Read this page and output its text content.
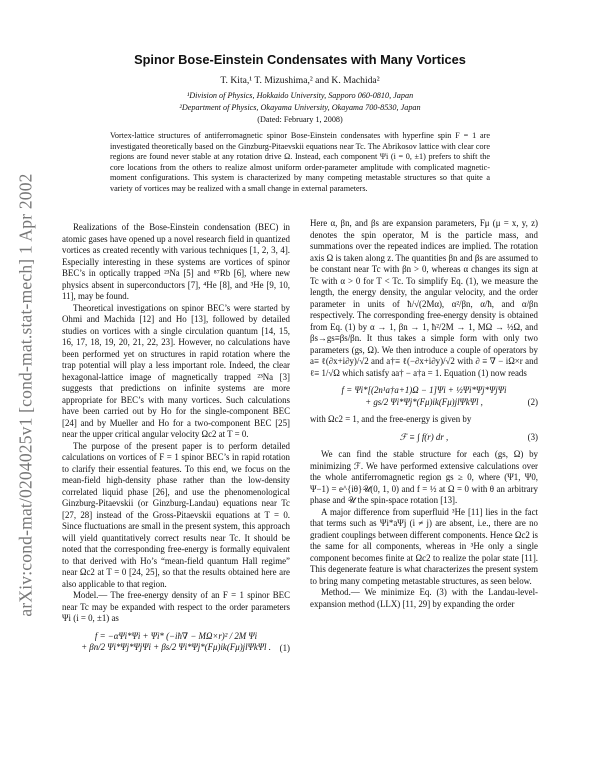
arXiv:cond-mat/0204025v1 [cond-mat.stat-mech] 1 Apr 2002
Spinor Bose-Einstein Condensates with Many Vortices
T. Kita,¹ T. Mizushima,² and K. Machida²
¹Division of Physics, Hokkaido University, Sapporo 060-0810, Japan
²Department of Physics, Okayama University, Okayama 700-8530, Japan
(Dated: February 1, 2008)
Vortex-lattice structures of antiferromagnetic spinor Bose-Einstein condensates with hyperfine spin F = 1 are investigated theoretically based on the Ginzburg-Pitaevskii equations near Tc. The Abrikosov lattice with clear core regions are found never stable at any rotation drive Ω. Instead, each component Ψi (i = 0, ±1) prefers to shift the core locations from the others to realize almost uniform order-parameter amplitude with complicated magnetic-moment configurations. This system is characterized by many competing metastable structures so that quite a variety of vortices may be realized with a small change in external parameters.

Realizations of the Bose-Einstein condensation (BEC) in atomic gases have opened up a novel research field in quantized vortices as created recently with various techniques [1, 2, 3, 4]. Especially interesting in these systems are vortices of spinor BEC’s in optically trapped ²³Na [5] and ⁸⁷Rb [6], where new physics absent in superconductors [7], ⁴He [8], and ³He [9, 10, 11], may be found.

Theoretical investigations on spinor BEC’s were started by Ohmi and Machida [12] and Ho [13], followed by detailed studies on vortices with a single circulation quantum [14, 15, 16, 17, 18, 19, 20, 21, 22, 23]. However, no calculations have been performed yet on structures in rapid rotation where the trap potential will play a less important role. Indeed, the clear hexagonal-lattice image of magnetically trapped ²³Na [3] suggests that predictions on infinite systems are more appropriate for BEC’s with many vortices. Such calculations have been carried out by Ho for the single-component BEC [24] and by Mueller and Ho for a two-component BEC [25] near the upper critical angular velocity Ωc2 at T = 0.

The purpose of the present paper is to perform detailed calculations on vortices of F = 1 spinor BEC’s in rapid rotation to clarify their essential features. To this end, we focus on the mean-field high-density phase rather than the low-density correlated liquid phase [26], and use the phenomenological Ginzburg-Pitaevskii (or Ginzburg-Landau) equations near Tc [27, 28] instead of the Gross-Pitaevskii equations at T = 0. Since fluctuations are small in the present system, this approach will yield quantitatively correct results near Tc. It should be noted that the corresponding free-energy is formally equivalent to that derived with Ho’s “mean-field quantum Hall regime” near Ωc2 at T = 0 [24, 25], so that the results obtained here are also applicable to that region.

Model.— The free-energy density of an F = 1 spinor BEC near Tc may be expanded with respect to the order parameters Ψi (i = 0, ±1) as

f = −αΨi*Ψi + Ψi* (−iħ∇ − MΩ×r)² / 2M Ψi
+ βn/2 Ψi*Ψj*ΨjΨi + βs/2 Ψi*Ψj*(Fμ)ik(Fμ)jlΨkΨl . (1)

Here α, βn, and βs are expansion parameters, Fμ (μ = x, y, z) denotes the spin operator, M is the particle mass, and summations over the repeated indices are implied. The rotation axis Ω is taken along z. The quantities βn and βs are assumed to be constant near Tc with βn > 0, whereas α changes its sign at Tc with α > 0 for T < Tc. To simplify Eq. (1), we measure the length, the energy density, the angular velocity, and the order parameter in units of ħ/√(2Mα), α²/βn, α/ħ, and α/βn respectively. The corresponding free-energy density is obtained from Eq. (1) by α → 1, βn → 1, ħ²/2M → 1, MΩ → ½Ω, and βs→gs≡βs/βn. It thus takes a simple form with only two parameters (gs, Ω). We then introduce a couple of operators by a≡ ℓ(∂x+i∂y)/√2 and a†≡ ℓ(−∂x+i∂y)/√2 with ∂ ≡ ∇ − iΩ×r and ℓ≡ 1/√Ω which satisfy aa† − a†a = 1. Equation (1) now reads

f = Ψi*[(2n¹a†a+1)Ω − 1]Ψi + ½Ψi*Ψj*ΨjΨi
+ gs/2 Ψi*Ψj*(Fμ)ik(Fμ)jlΨkΨl ,	(2)

with Ωc2 = 1, and the free-energy is given by

ℱ ≡ ∫ f(r) dr ,	(3)

We can find the stable structure for each (gs, Ω) by minimizing ℱ. We have performed extensive calculations over the whole antiferromagnetic region gs ≥ 0, where (Ψ1, Ψ0, Ψ−1) = e^{iθ}𝒰(0, 1, 0) and f = ½ at Ω = 0 with θ an arbitrary phase and 𝒰 the spin-space rotation [13].

A major difference from superfluid ³He [11] lies in the fact that terms such as Ψi*aΨj (i ≠ j) are absent, i.e., there are no gradient couplings between different components. Hence Ωc2 is the same for all components, whereas in ³He only a single component becomes finite at Ωc2 to realize the polar state [11]. This degenerate feature is what characterizes the present system to bring many competing metastable structures, as seen below.

Method.— We minimize Eq. (3) with the Landau-level-expansion method (LLX) [11, 29] by expanding the order
